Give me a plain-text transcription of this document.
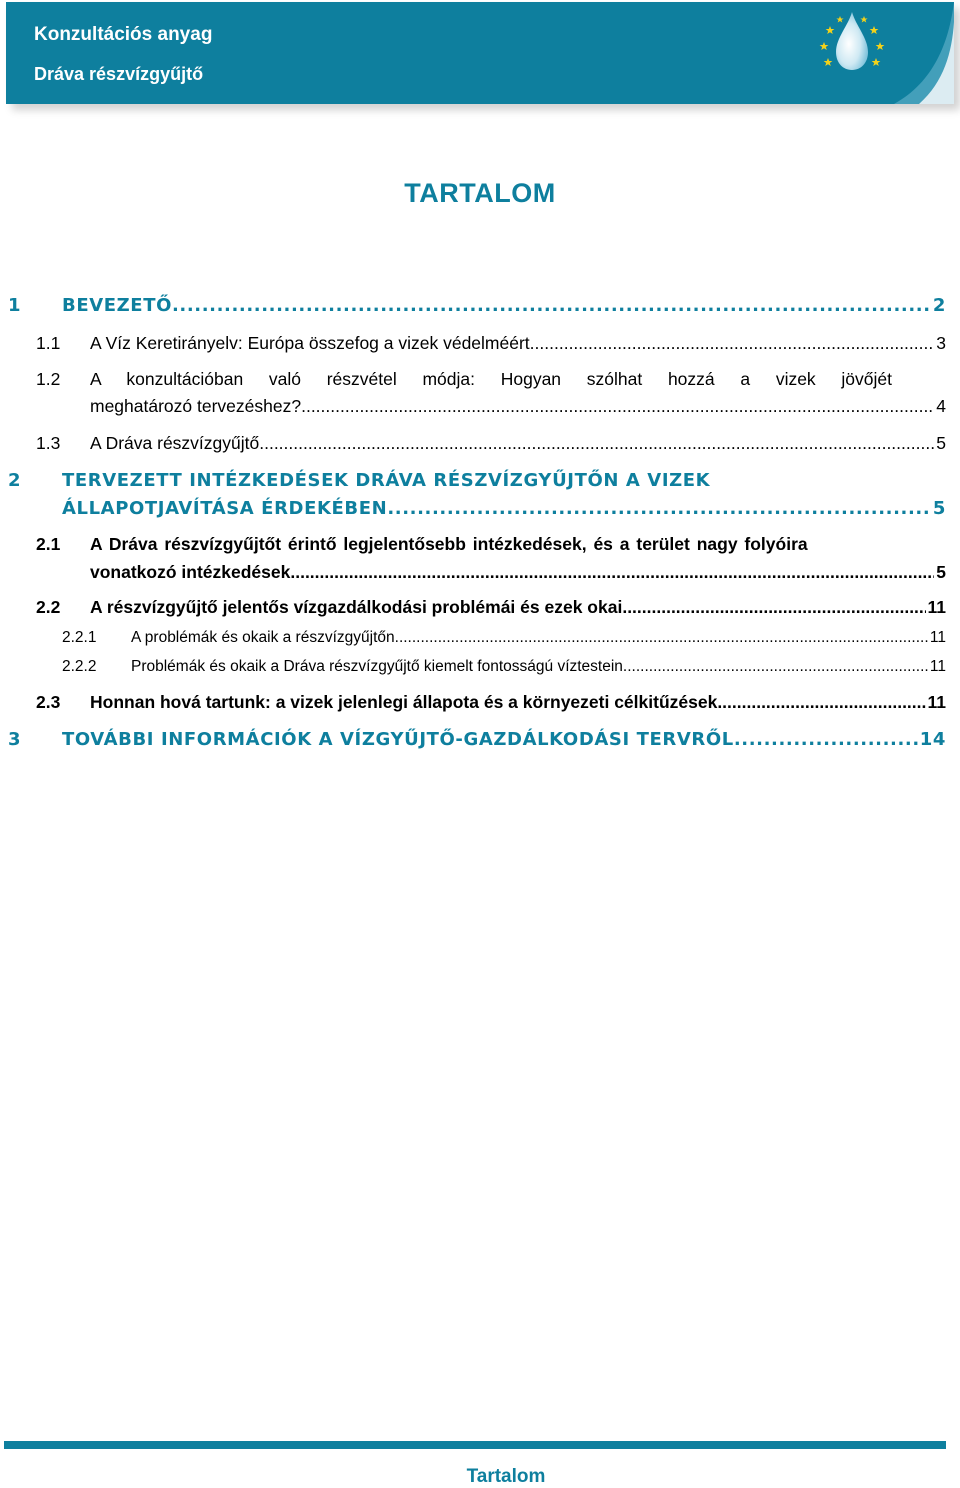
Konzultációs anyag
Dráva részvízgyűjtő
TARTALOM
1 BEVEZETŐ .....	2
1.1 A Víz Keretirányelv: Európa összefog a vizek védelméért .....	3
1.2 A konzultációban való részvétel módja: Hogyan szólhat hozzá a vizek jövőjét
meghatározó tervezéshez? .....	4
1.3 A Dráva részvízgyűjtő .....	5
2 TERVEZETT INTÉZKEDÉSEK DRÁVA RÉSZVÍZGYŰJTŐN A VIZEK
ÁLLAPOTJAVÍTÁSA ÉRDEKÉBEN .....	5
2.1 A Dráva részvízgyűjtőt érintő legjelentősebb intézkedések, és a terület nagy folyóira
vonatkozó intézkedések .....	5
2.2 A részvízgyűjtő jelentős vízgazdálkodási problémái és ezek okai .....	11
2.2.1 A problémák és okaik a részvízgyűjtőn .....	11
2.2.2 Problémák és okaik a Dráva részvízgyűjtő kiemelt fontosságú víztestein .....	11
2.3 Honnan hová tartunk: a vizek jelenlegi állapota és a környezeti célkitűzések .....	11
3 TOVÁBBI INFORMÁCIÓK A VÍZGYŰJTŐ-GAZDÁLKODÁSI TERVRŐL .....	14
Tartalom
